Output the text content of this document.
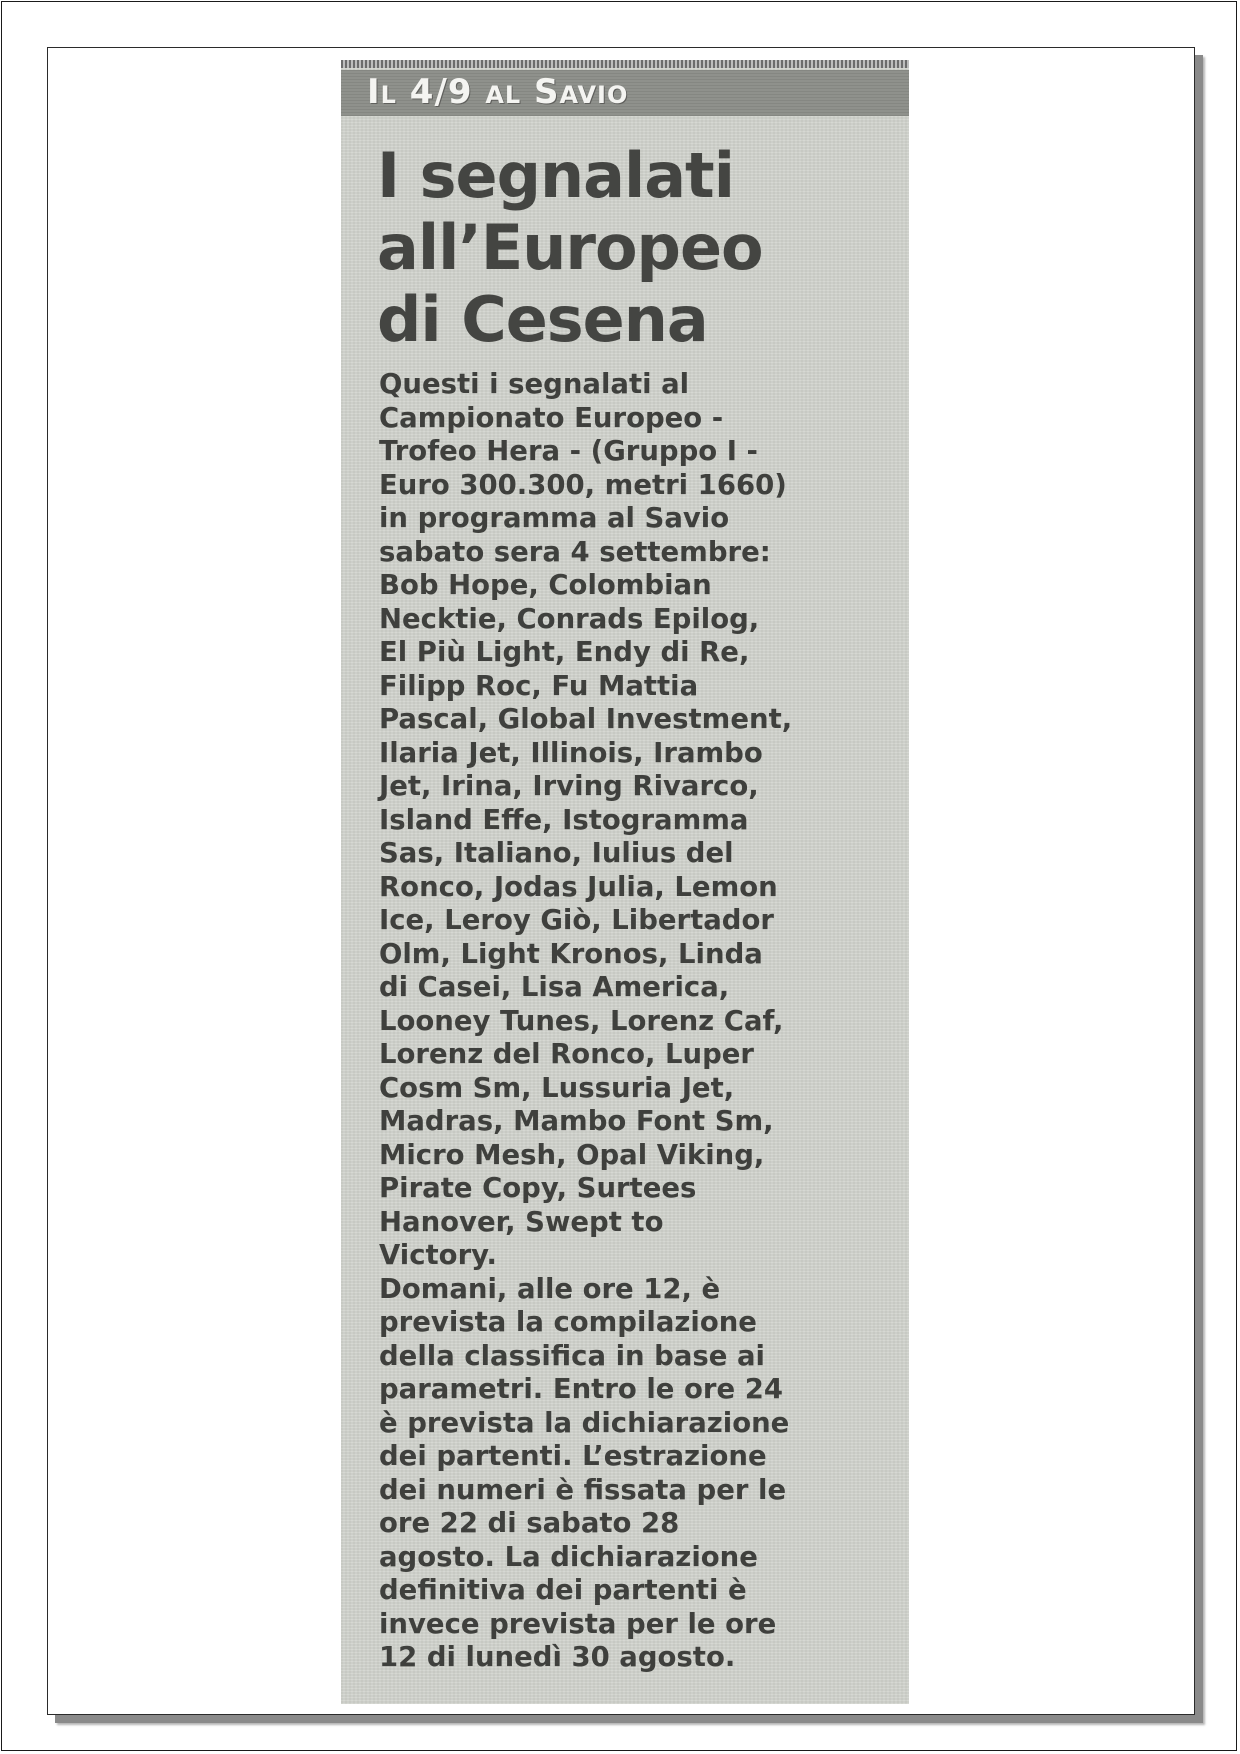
Il 4/9 al Savio
I segnalati
all’Europeo
di Cesena
Questi i segnalati al
Campionato Europeo -
Trofeo Hera - (Gruppo I -
Euro 300.300, metri 1660)
in programma al Savio
sabato sera 4 settembre:
Bob Hope, Colombian
Necktie, Conrads Epilog,
El Più Light, Endy di Re,
Filipp Roc, Fu Mattia
Pascal, Global Investment,
Ilaria Jet, Illinois, Irambo
Jet, Irina, Irving Rivarco,
Island Effe, Istogramma
Sas, Italiano, Iulius del
Ronco, Jodas Julia, Lemon
Ice, Leroy Giò, Libertador
Olm, Light Kronos, Linda
di Casei, Lisa America,
Looney Tunes, Lorenz Caf,
Lorenz del Ronco, Luper
Cosm Sm, Lussuria Jet,
Madras, Mambo Font Sm,
Micro Mesh, Opal Viking,
Pirate Copy, Surtees
Hanover, Swept to
Victory.
Domani, alle ore 12, è
prevista la compilazione
della classifica in base ai
parametri. Entro le ore 24
è prevista la dichiarazione
dei partenti. L’estrazione
dei numeri è fissata per le
ore 22 di sabato 28
agosto. La dichiarazione
definitiva dei partenti è
invece prevista per le ore
12 di lunedì 30 agosto.
